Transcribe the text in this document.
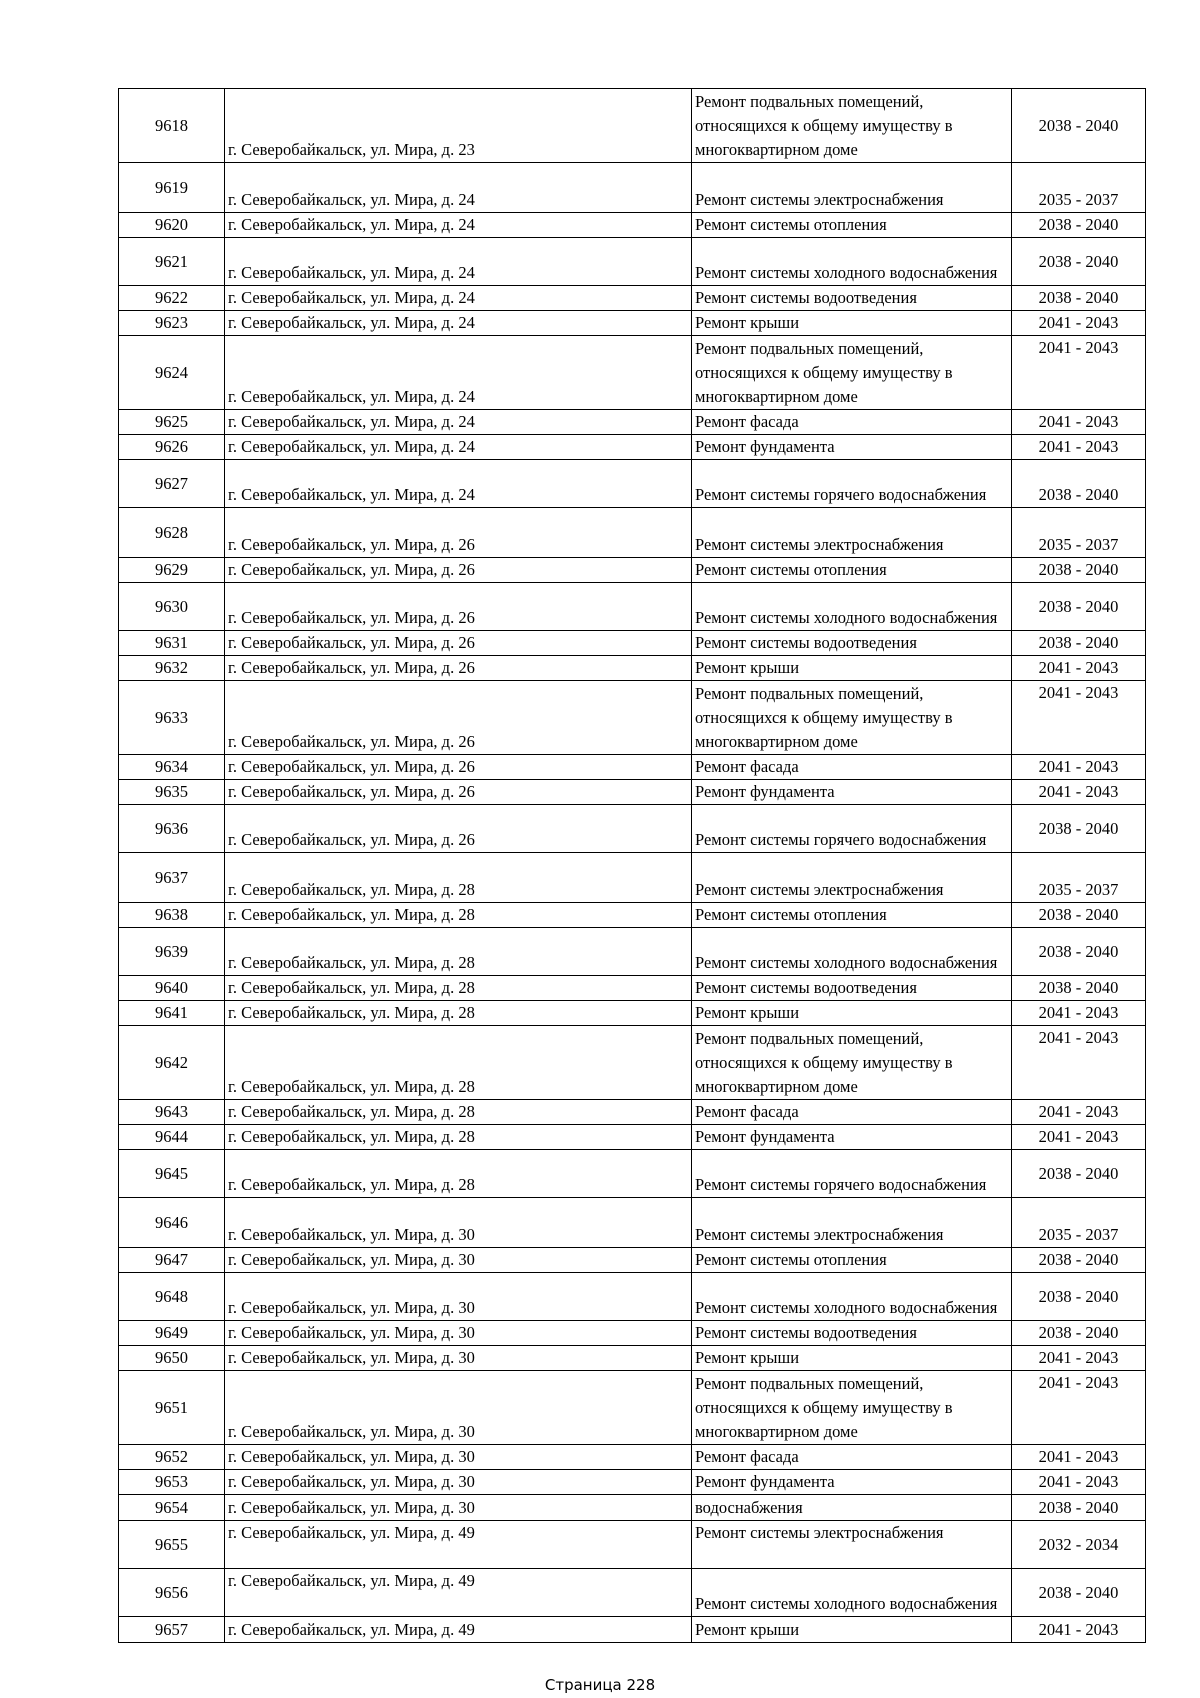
9618	г. Северобайкальск, ул. Мира, д. 23	Ремонт подвальных помещений, относящихся к общему имуществу в многоквартирном доме	2038 - 2040
9619	г. Северобайкальск, ул. Мира, д. 24	Ремонт системы электроснабжения	2035 - 2037
9620	г. Северобайкальск, ул. Мира, д. 24	Ремонт системы отопления	2038 - 2040
9621	г. Северобайкальск, ул. Мира, д. 24	Ремонт системы холодного водоснабжения	2038 - 2040
9622	г. Северобайкальск, ул. Мира, д. 24	Ремонт системы водоотведения	2038 - 2040
9623	г. Северобайкальск, ул. Мира, д. 24	Ремонт крыши	2041 - 2043
9624	г. Северобайкальск, ул. Мира, д. 24	Ремонт подвальных помещений, относящихся к общему имуществу в многоквартирном доме	2041 - 2043
9625	г. Северобайкальск, ул. Мира, д. 24	Ремонт фасада	2041 - 2043
9626	г. Северобайкальск, ул. Мира, д. 24	Ремонт фундамента	2041 - 2043
9627	г. Северобайкальск, ул. Мира, д. 24	Ремонт системы горячего водоснабжения	2038 - 2040
9628	г. Северобайкальск, ул. Мира, д. 26	Ремонт системы электроснабжения	2035 - 2037
9629	г. Северобайкальск, ул. Мира, д. 26	Ремонт системы отопления	2038 - 2040
9630	г. Северобайкальск, ул. Мира, д. 26	Ремонт системы холодного водоснабжения	2038 - 2040
9631	г. Северобайкальск, ул. Мира, д. 26	Ремонт системы водоотведения	2038 - 2040
9632	г. Северобайкальск, ул. Мира, д. 26	Ремонт крыши	2041 - 2043
9633	г. Северобайкальск, ул. Мира, д. 26	Ремонт подвальных помещений, относящихся к общему имуществу в многоквартирном доме	2041 - 2043
9634	г. Северобайкальск, ул. Мира, д. 26	Ремонт фасада	2041 - 2043
9635	г. Северобайкальск, ул. Мира, д. 26	Ремонт фундамента	2041 - 2043
9636	г. Северобайкальск, ул. Мира, д. 26	Ремонт системы горячего водоснабжения	2038 - 2040
9637	г. Северобайкальск, ул. Мира, д. 28	Ремонт системы электроснабжения	2035 - 2037
9638	г. Северобайкальск, ул. Мира, д. 28	Ремонт системы отопления	2038 - 2040
9639	г. Северобайкальск, ул. Мира, д. 28	Ремонт системы холодного водоснабжения	2038 - 2040
9640	г. Северобайкальск, ул. Мира, д. 28	Ремонт системы водоотведения	2038 - 2040
9641	г. Северобайкальск, ул. Мира, д. 28	Ремонт крыши	2041 - 2043
9642	г. Северобайкальск, ул. Мира, д. 28	Ремонт подвальных помещений, относящихся к общему имуществу в многоквартирном доме	2041 - 2043
9643	г. Северобайкальск, ул. Мира, д. 28	Ремонт фасада	2041 - 2043
9644	г. Северобайкальск, ул. Мира, д. 28	Ремонт фундамента	2041 - 2043
9645	г. Северобайкальск, ул. Мира, д. 28	Ремонт системы горячего водоснабжения	2038 - 2040
9646	г. Северобайкальск, ул. Мира, д. 30	Ремонт системы электроснабжения	2035 - 2037
9647	г. Северобайкальск, ул. Мира, д. 30	Ремонт системы отопления	2038 - 2040
9648	г. Северобайкальск, ул. Мира, д. 30	Ремонт системы холодного водоснабжения	2038 - 2040
9649	г. Северобайкальск, ул. Мира, д. 30	Ремонт системы водоотведения	2038 - 2040
9650	г. Северобайкальск, ул. Мира, д. 30	Ремонт крыши	2041 - 2043
9651	г. Северобайкальск, ул. Мира, д. 30	Ремонт подвальных помещений, относящихся к общему имуществу в многоквартирном доме	2041 - 2043
9652	г. Северобайкальск, ул. Мира, д. 30	Ремонт фасада	2041 - 2043
9653	г. Северобайкальск, ул. Мира, д. 30	Ремонт фундамента	2041 - 2043
9654	г. Северобайкальск, ул. Мира, д. 30	водоснабжения	2038 - 2040
9655	г. Северобайкальск, ул. Мира, д. 49	Ремонт системы электроснабжения	2032 - 2034
9656	г. Северобайкальск, ул. Мира, д. 49	Ремонт системы холодного водоснабжения	2038 - 2040
9657	г. Северобайкальск, ул. Мира, д. 49	Ремонт крыши	2041 - 2043
Страница 228
